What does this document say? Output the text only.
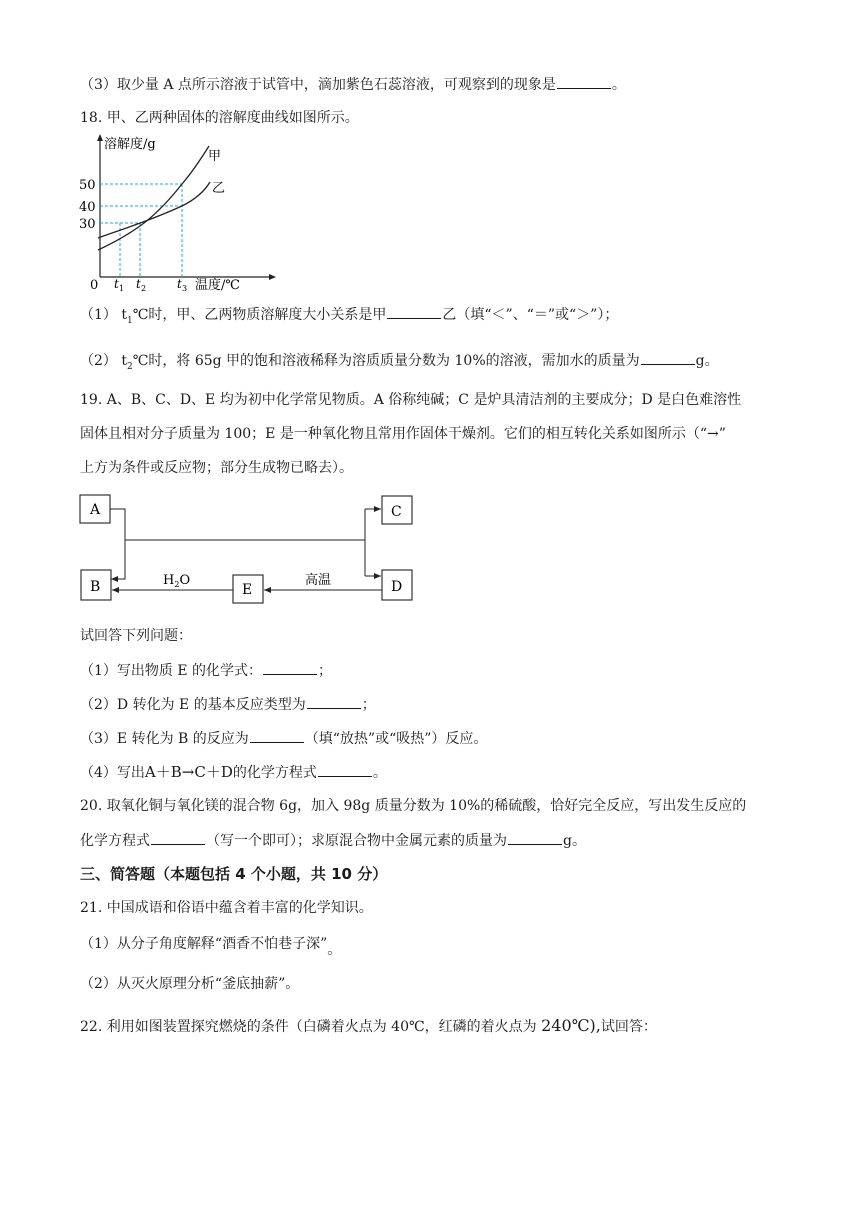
（3）取少量 A 点所示溶液于试管中，滴加紫色石蕊溶液，可观察到的现象是	。
18. 甲、乙两种固体的溶解度曲线如图所示。
溶解度/g
甲
乙
50
40
30
0 t 1 t 2	t 3 温度/℃
（1） $t_1℃$时，甲、乙两物质溶解度大小关系是甲	乙（填“＜”、“＝”或“＞”）；
（2） $t_2℃$时，将 65g 甲的饱和溶液稀释为溶质质量分数为 10%的溶液，需加水的质量为	g。
19. A、B、C、D、E 均为初中化学常见物质。A 俗称纯碱；C 是炉具清洁剂的主要成分；D 是白色难溶性
固体且相对分子质量为 100；E 是一种氧化物且常用作固体干燥剂。它们的相互转化关系如图所示（“→”
上方为条件或反应物；部分生成物已略去）。
A	C
B	E	D
$H_2O$	高温
试回答下列问题：
（1）写出物质 E 的化学式：	；
（2）D 转化为 E 的基本反应类型为	；
（3）E 转化为 B 的反应为	（填“放热”或“吸热”）反应。
（4）写出A＋B→C＋D的化学方程式	。
20. 取氧化铜与氧化镁的混合物 6g，加入 98g 质量分数为 10%的稀硫酸，恰好完全反应，写出发生反应的
化学方程式	（写一个即可）；求原混合物中金属元素的质量为	g。
三、简答题（本题包括 4 个小题，共 10 分）
21. 中国成语和俗语中蕴含着丰富的化学知识。
（1）从分子角度解释“酒香不怕巷子深”。
（2）从灭火原理分析“釜底抽薪”。
22. 利用如图装置探究燃烧的条件（白磷着火点为 40℃，红磷的着火点为 240℃),试回答：
